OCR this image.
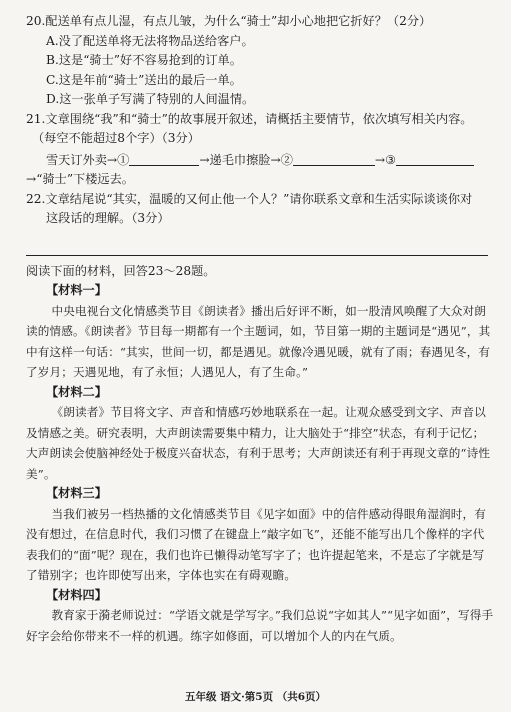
20.配送单有点儿湿，有点儿皱，为什么“骑士”却小心地把它折好？（2分）
A.没了配送单将无法将物品送给客户。
B.这是“骑士”好不容易抢到的订单。
C.这是年前“骑士”送出的最后一单。
D.这一张单子写满了特别的人间温情。
21.文章围绕“我”和“骑士”的故事展开叙述，请概括主要情节，依次填写相关内容。
（每空不能超过8个字）（3分）
雪天订外卖→①	→递毛巾擦脸→②	→③
→“骑士”下楼远去。
22.文章结尾说“其实，温暖的又何止他一个人？”请你联系文章和生活实际谈谈你对
这段话的理解。（3分）
阅读下面的材料，回答23～28题。
【材料一】
中央电视台文化情感类节目《朗读者》播出后好评不断，如一股清风唤醒了大众对朗读的情感。《朗读者》节目每一期都有一个主题词，如，节目第一期的主题词是“遇见”，其中有这样一句话：“其实，世间一切，都是遇见。就像冷遇见暖，就有了雨；春遇见冬，有了岁月；天遇见地，有了永恒；人遇见人，有了生命。”
【材料二】
《朗读者》节目将文字、声音和情感巧妙地联系在一起。让观众感受到文字、声音以及情感之美。研究表明，大声朗读需要集中精力，让大脑处于“排空”状态，有利于记忆；大声朗读会使脑神经处于极度兴奋状态，有利于思考；大声朗读还有利于再现文章的“诗性美”。
【材料三】
当我们被另一档热播的文化情感类节目《见字如面》中的信件感动得眼角湿润时，有没有想过，在信息时代，我们习惯了在键盘上“敲字如飞”，还能不能写出几个像样的字代表我们的“面”呢？现在，我们也许已懒得动笔写字了；也许提起笔来，不是忘了字就是写了错别字；也许即使写出来，字体也实在有碍观瞻。
【材料四】
教育家于漪老师说过：“学语文就是学写字。”我们总说“字如其人”“见字如面”，写得手好字会给你带来不一样的机遇。练字如修面，可以增加个人的内在气质。
五年级 语文·第5页 （共6页）
